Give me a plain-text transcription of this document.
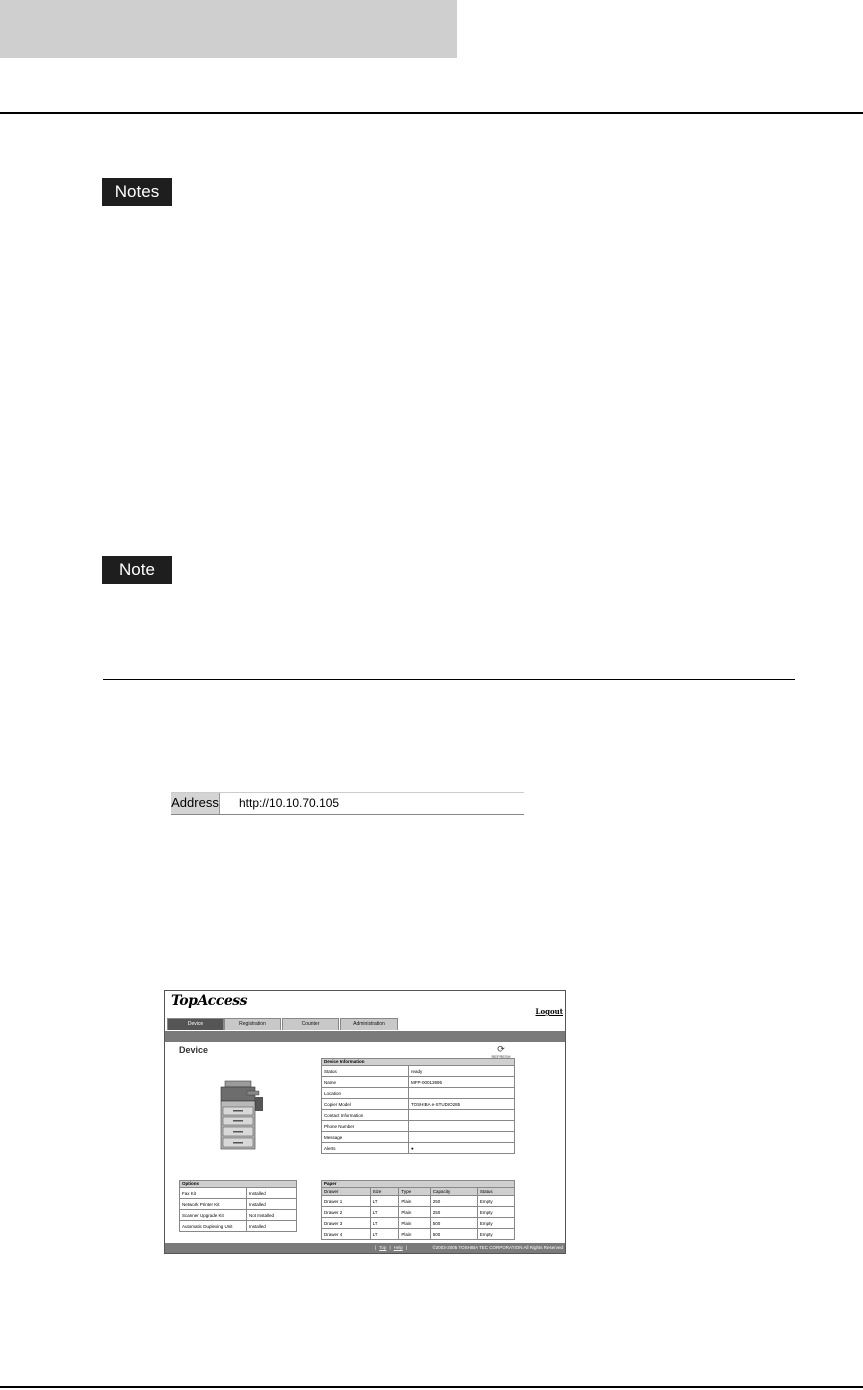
Notes
Note
Address http://10.10.70.105
TopAccess
Logout
Device	Registration	Counter	Administration
Device	⟳
REFRESH
Device Information	
Status	ready
Name	MFP-00013995
Location	
Copier Model	TOSHIBA e-STUDIO285
Contact Information	
Phone Number	
Message	
Alerts	●
Options	
Fax Kit	Installed
Network Printer Kit	Installed
Scanner Upgrade Kit	Not Installed
Automatic Duplexing Unit	Installed
Paper				
Drawer	Size	Type	Capacity	Status
Drawer 1	LT	Plain	250	Empty
Drawer 2	LT	Plain	250	Empty
Drawer 3	LT	Plain	500	Empty
Drawer 4	LT	Plain	500	Empty
| Top | Help |	©2003-2005 TOSHIBA TEC CORPORATION All Rights Reserved
